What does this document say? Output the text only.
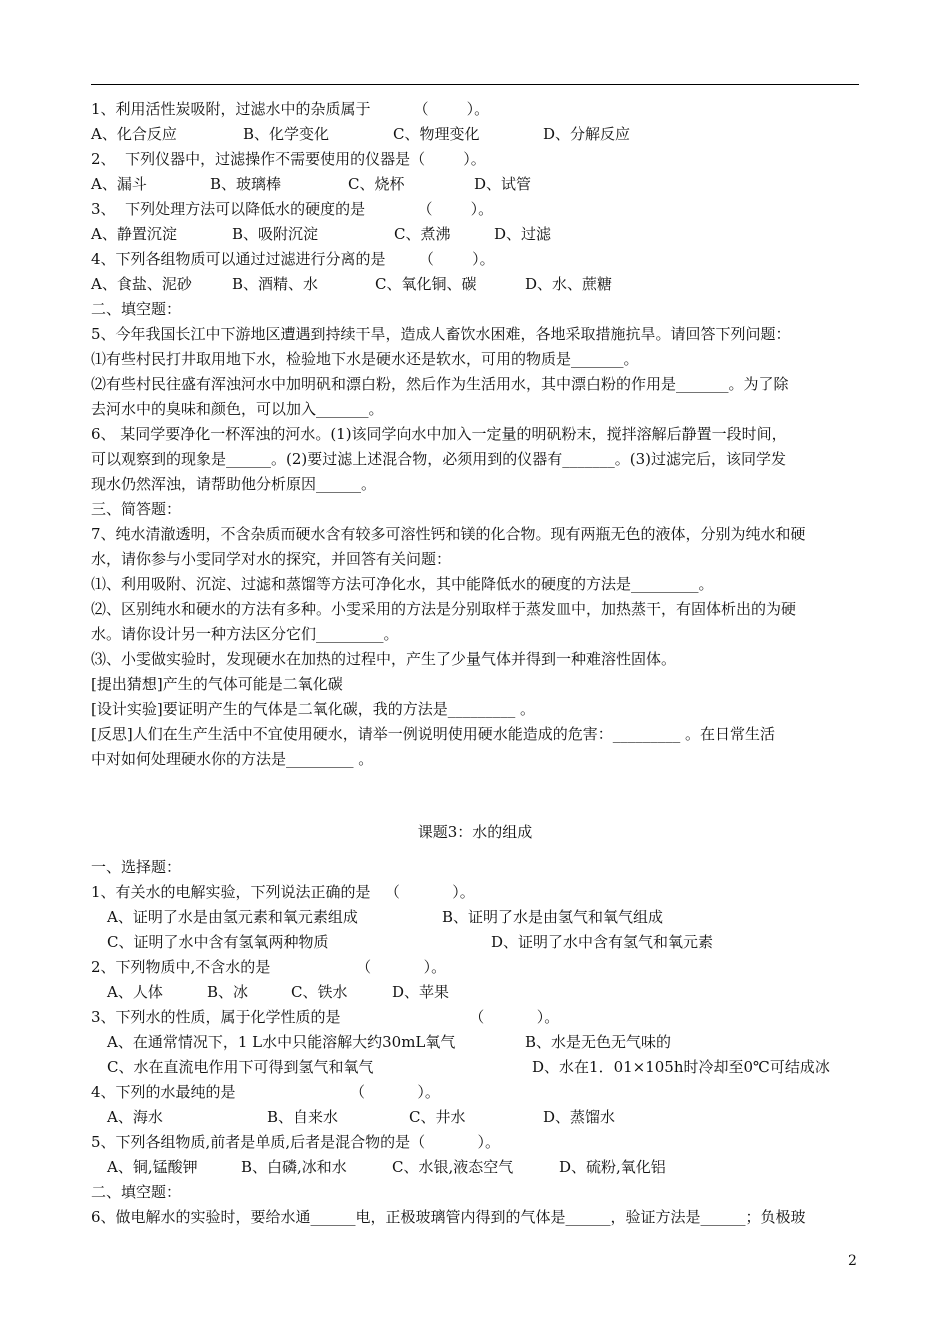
1、利用活性炭吸附，过滤水中的杂质属于         （        ）。

A、化合反应

	B、化学变化

	C、物理变化

	D、分解反应

2、  下列仪器中，过滤操作不需要使用的仪器是（        ）。

A、漏斗

	B、玻璃棒

	C、烧杯

	D、试管

3、  下列处理方法可以降低水的硬度的是           （        ）。

A、静置沉淀

	B、吸附沉淀

	C、煮沸

	D、过滤

4、下列各组物质可以通过过滤进行分离的是       （        ）。

A、食盐、泥砂

	B、酒精、水

	C、氧化铜、碳

	D、水、蔗糖

二、填空题：
5、今年我国长江中下游地区遭遇到持续干旱，造成人畜饮水困难，各地采取措施抗旱。请回答下列问题：
⑴有些村民打井取用地下水，检验地下水是硬水还是软水，可用的物质是_______。
⑵有些村民往盛有浑浊河水中加明矾和漂白粉，然后作为生活用水，其中漂白粉的作用是_______。为了除
去河水中的臭味和颜色，可以加入_______。
6、 某同学要净化一杯浑浊的河水。(1)该同学向水中加入一定量的明矾粉末，搅拌溶解后静置一段时间，
可以观察到的现象是______。(2)要过滤上述混合物，必须用到的仪器有_______。(3)过滤完后，该同学发
现水仍然浑浊，请帮助他分析原因______。
三、简答题：
7、纯水清澈透明，不含杂质而硬水含有较多可溶性钙和镁的化合物。现有两瓶无色的液体，分别为纯水和硬
水，请你参与小雯同学对水的探究，并回答有关问题：
⑴、利用吸附、沉淀、过滤和蒸馏等方法可净化水，其中能降低水的硬度的方法是_________。
⑵、区别纯水和硬水的方法有多种。小雯采用的方法是分别取样于蒸发皿中，加热蒸干，有固体析出的为硬
水。请你设计另一种方法区分它们_________。
⑶、小雯做实验时，发现硬水在加热的过程中，产生了少量气体并得到一种难溶性固体。
[提出猜想]产生的气体可能是二氧化碳
[设计实验]要证明产生的气体是二氧化碳，我的方法是_________ 。
[反思]人们在生产生活中不宜使用硬水，请举一例说明使用硬水能造成的危害：_________ 。在日常生活
中对如何处理硬水你的方法是_________ 。
课题3：水的组成
一、选择题：
1、有关水的电解实验，下列说法正确的是   （           ）。

A、证明了水是由氢元素和氧元素组成

	B、证明了水是由氢气和氧气组成

C、证明了水中含有氢氧两种物质

	D、证明了水中含有氢气和氧元素

2、下列物质中,不含水的是                  （           ）。

A、人体

	B、冰

	C、铁水

	D、苹果

3、下列水的性质，属于化学性质的是                           （           ）。

A、在通常情况下，1 L水中只能溶解大约30mL氧气

	B、水是无色无气味的

C、水在直流电作用下可得到氢气和氧气

	D、水在1．01×105h时冷却至0℃可结成冰

4、下列的水最纯的是                        （           ）。

A、海水

	B、自来水

	C、井水

	D、蒸馏水

5、下列各组物质,前者是单质,后者是混合物的是（           ）。

A、铜,锰酸钾

	B、白磷,冰和水

	C、水银,液态空气

	D、硫粉,氧化铝

二、填空题：
6、做电解水的实验时，要给水通______电，正极玻璃管内得到的气体是______，验证方法是______；负极玻
2
